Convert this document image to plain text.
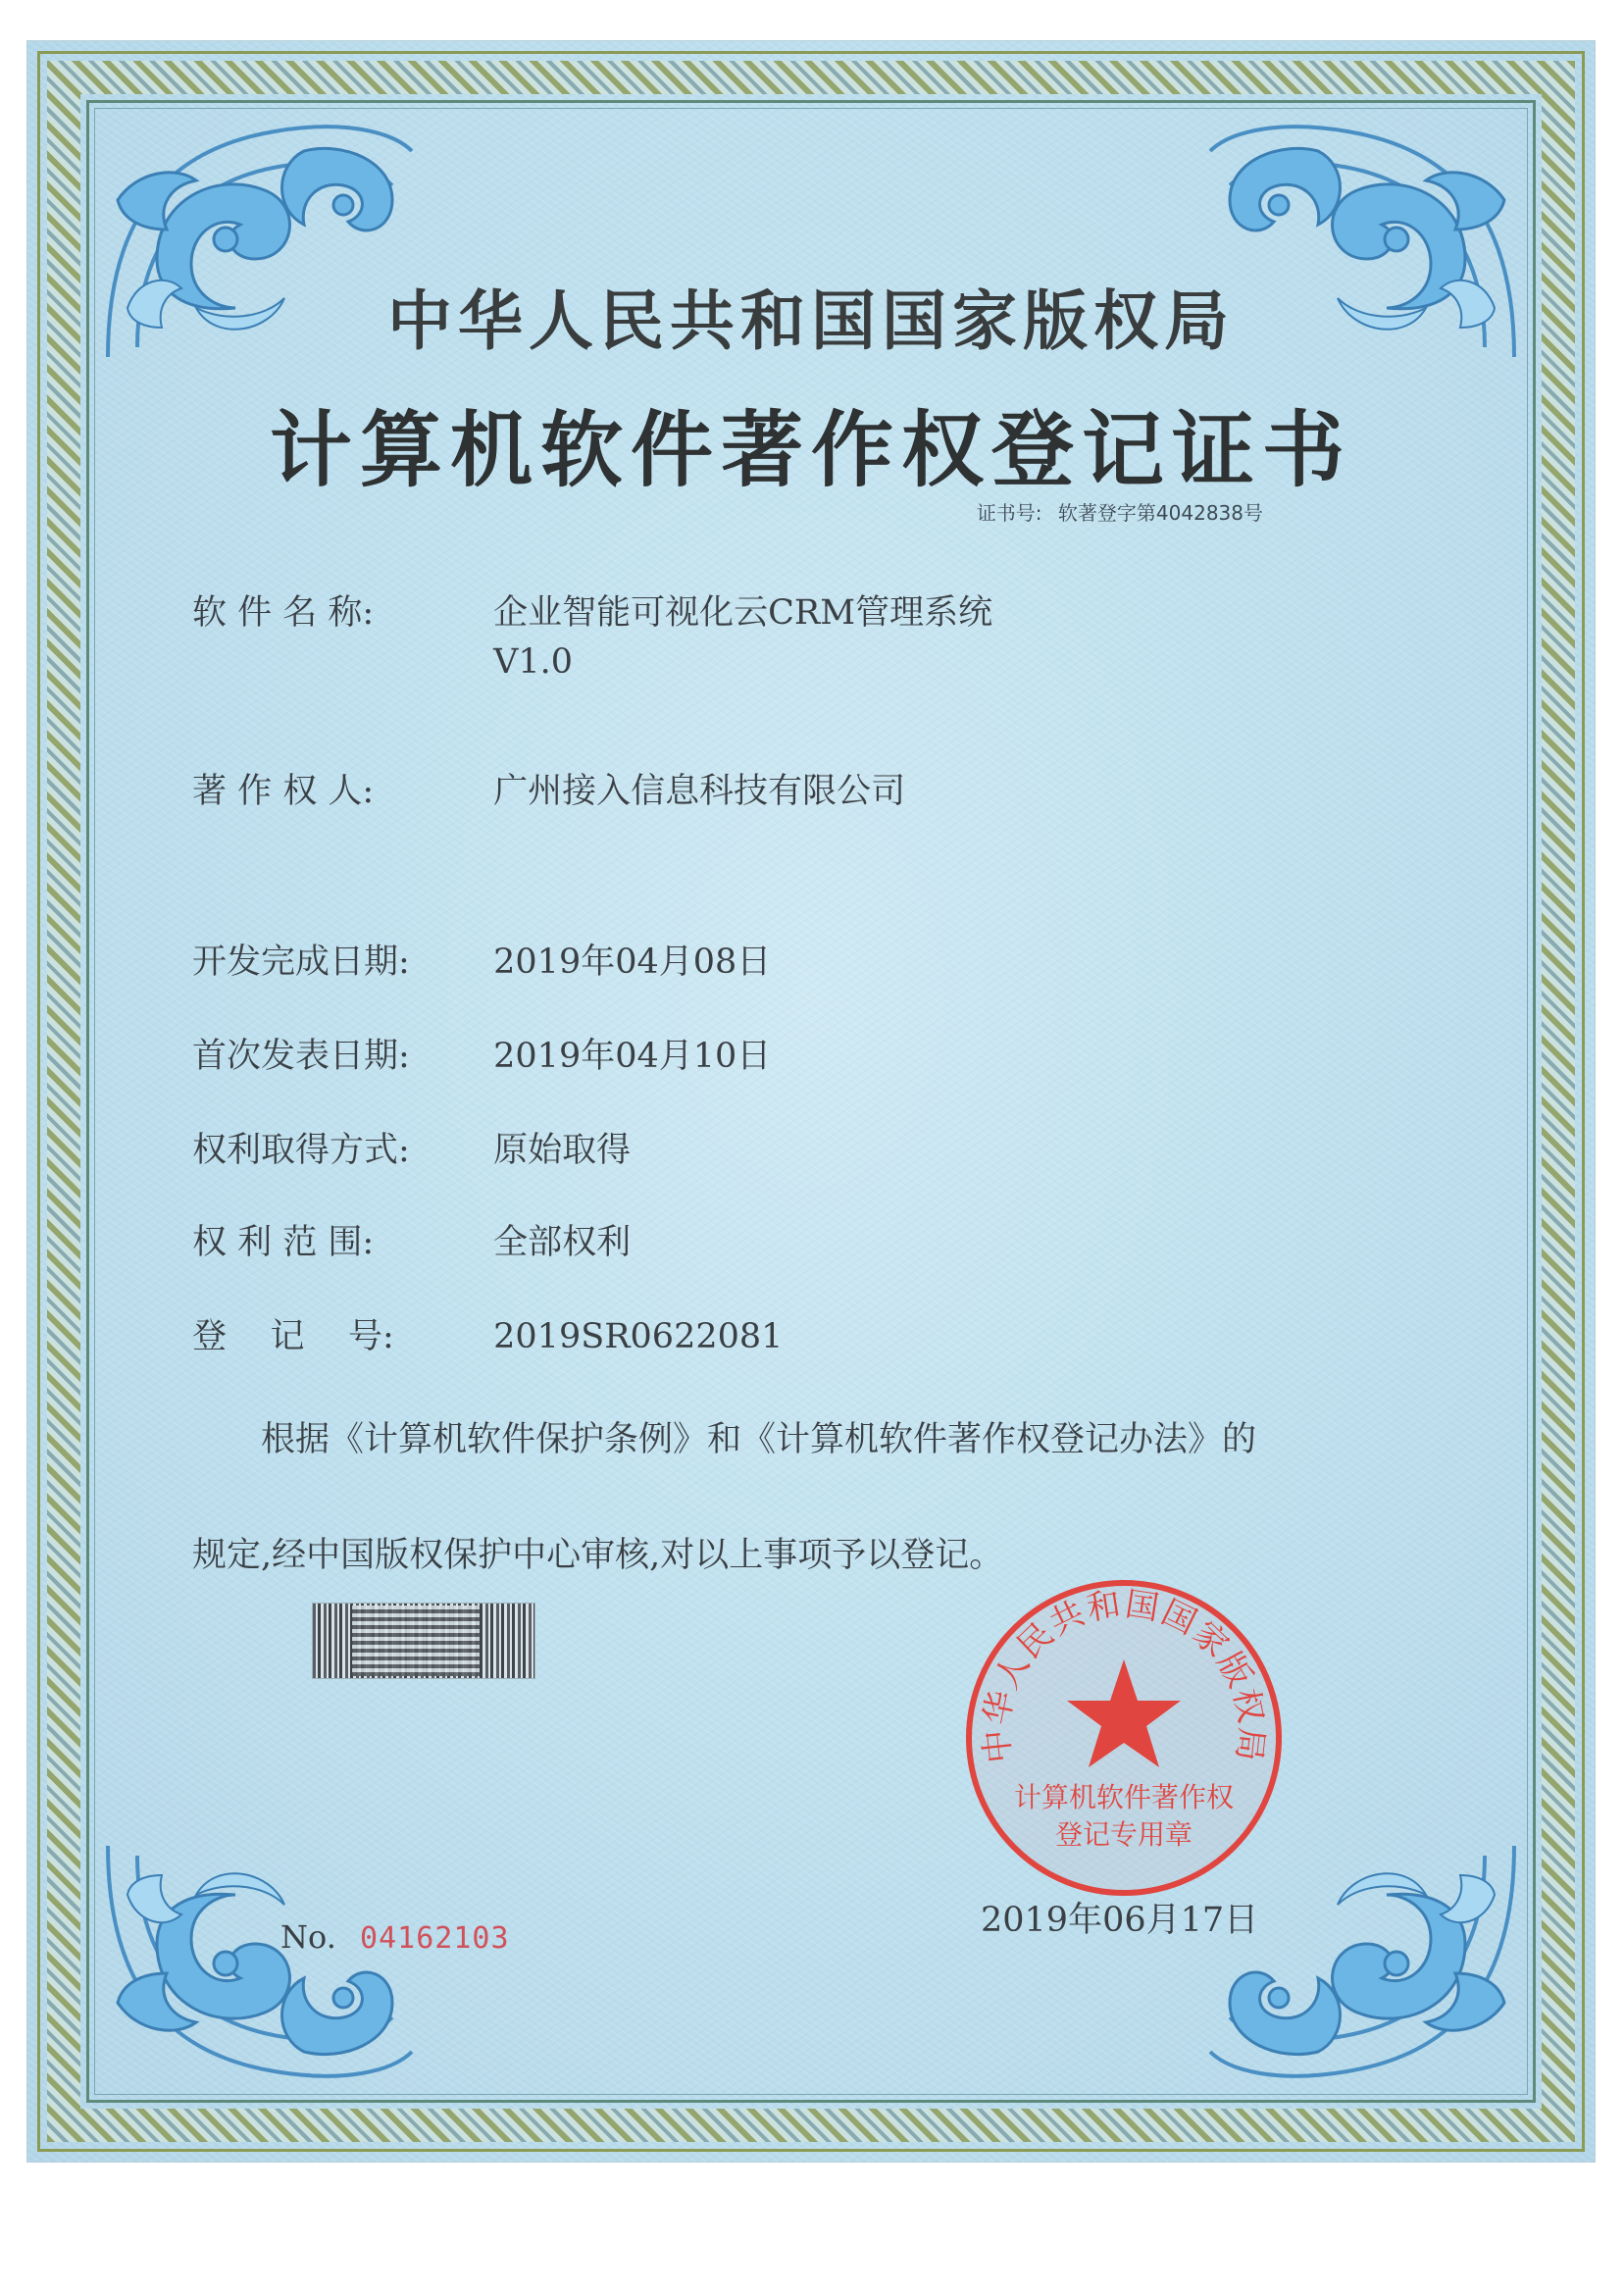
中华人民共和国国家版权局
计算机软件著作权登记证书
证书号: 软著登字第4042838号
软 件 名 称:	企业智能可视化云CRM管理系统
V1.0
著 作 权 人:	广州接入信息科技有限公司
开发完成日期: 2019年04月08日
首次发表日期: 2019年04月10日
权利取得方式: 原始取得
权 利 范 围:	全部权利
登    记    号:	2019SR0622081
根据《计算机软件保护条例》和《计算机软件著作权登记办法》的
规定,经中国版权保护中心审核,对以上事项予以登记。
No. 04162103	2019年06月17日
中华人民共和国国家版权局
计算机软件著作权
登记专用章
